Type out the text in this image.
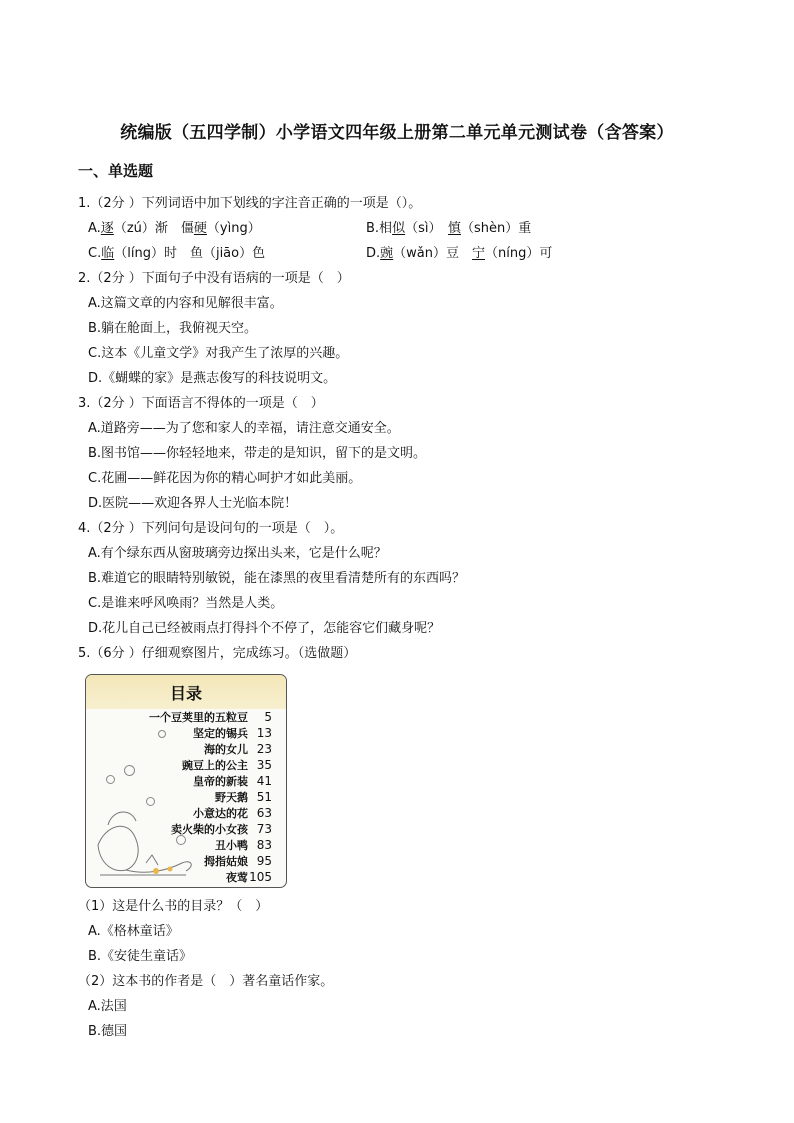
统编版（五四学制）小学语文四年级上册第二单元单元测试卷（含答案）
一、单选题
1.（2分 ）下列词语中加下划线的字注音正确的一项是（）。
A.逐（zú）渐　僵硬（yìng）	B.相似（sì）　慎（shèn）重
C.临（líng）时　鱼（jiāo）色	D.豌（wǎn）豆　宁（níng）可
2.（2分 ）下面句子中没有语病的一项是（　）
A.这篇文章的内容和见解很丰富。
B.躺在舱面上，我俯视天空。
C.这本《儿童文学》对我产生了浓厚的兴趣。
D.《蝴蝶的家》是燕志俊写的科技说明文。
3.（2分 ）下面语言不得体的一项是（　）
A.道路旁——为了您和家人的幸福，请注意交通安全。
B.图书馆——你轻轻地来，带走的是知识，留下的是文明。
C.花圃——鲜花因为你的精心呵护才如此美丽。
D.医院——欢迎各界人士光临本院！
4.（2分 ）下列问句是设问句的一项是（　）。
A.有个绿东西从窗玻璃旁边探出头来，它是什么呢？
B.难道它的眼睛特别敏锐，能在漆黑的夜里看清楚所有的东西吗？
C.是谁来呼风唤雨？当然是人类。
D.花儿自己已经被雨点打得抖个不停了，怎能容它们藏身呢？
5.（6分 ）仔细观察图片，完成练习。（选做题）
目录
一个豆荚里的五粒豆 5
坚定的锡兵 13
海的女儿 23
豌豆上的公主 35
皇帝的新装 41
野天鹅 51
小意达的花 63
卖火柴的小女孩 73
丑小鸭 83
拇指姑娘 95
夜莺105
（1）这是什么书的目录？（　）
A.《格林童话》
B.《安徒生童话》
（2）这本书的作者是（　）著名童话作家。
A.法国
B.德国
